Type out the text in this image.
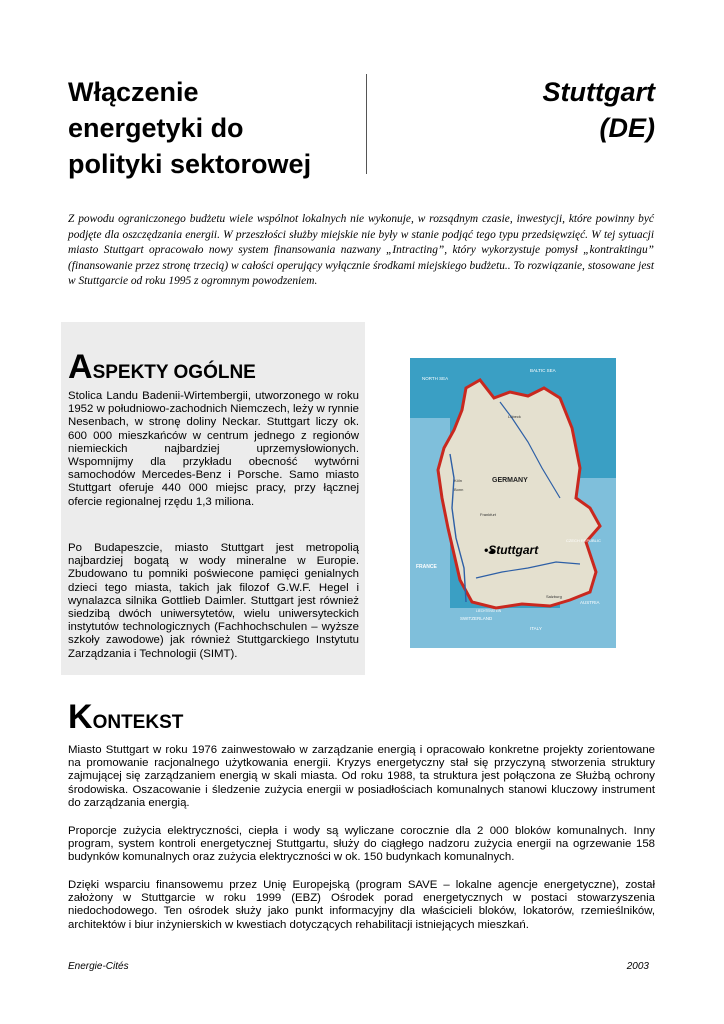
Włączenie
energetyki do
polityki sektorowej
Stuttgart
(DE)
Z powodu ograniczonego budżetu wiele wspólnot lokalnych nie wykonuje, w rozsądnym czasie, inwestycji, które powinny być podjęte dla oszczędzania energii. W przeszłości służby miejskie nie były w stanie podjąć tego typu przedsięwzięć. W tej sytuacji miasto Stuttgart opracowało nowy system finansowania nazwany „Intracting”, który wykorzystuje pomysł „kontraktingu” (finansowanie przez stronę trzecią) w całości operujący wyłącznie środkami miejskiego budżetu.. To rozwiązanie, stosowane jest w Stuttgarcie od roku 1995 z ogromnym powodzeniem.
ASPEKTY OGÓLNE
Stolica Landu Badenii-Wirtembergii, utworzonego w roku 1952 w południowo-zachodnich Niemczech, leży w rynnie Nesenbach, w stronę doliny Neckar. Stuttgart liczy ok. 600 000 mieszkańców w centrum jednego z regionów niemieckich najbardziej uprzemysłowionych. Wspomnijmy dla przykładu obecność wytwórni samochodów Mercedes-Benz i Porsche. Samo miasto Stuttgart oferuje 440 000 miejsc pracy, przy łącznej ofercie regionalnej rzędu 1,3 miliona.
Po Budapeszcie, miasto Stuttgart jest metropolią najbardziej bogatą w wody mineralne w Europie. Zbudowano tu pomniki poświecone pamięci genialnych dzieci tego miasta, takich jak filozof G.W.F. Hegel i wynalazca silnika Gottlieb Daimler. Stuttgart jest również siedzibą dwóch uniwersytetów, wielu uniwersyteckich instytutów technologicznych (Fachhochschulen – wyższe szkoły zawodowe) jak również Stuttgarckiego Instytutu Zarządzania i Technologii (SIMT).
GERMANY
•Stuttgart
NORTH SEA
BALTIC SEA
FRANCE
CZECH REPUBLIC
AUSTRIA
SWITZERLAND
ITALY
LIECHTENSTEIN
Köln
Bonn
Frankfurt
Salzburg
Lübeck
KONTEKST
Miasto Stuttgart w roku 1976 zainwestowało w zarządzanie energią i opracowało konkretne projekty zorientowane na promowanie racjonalnego użytkowania energii. Kryzys energetyczny stał się przyczyną stworzenia struktury zajmującej się zarządzaniem energią w skali miasta. Od roku 1988, ta struktura jest połączona ze Służbą ochrony środowiska. Oszacowanie i śledzenie zużycia energii w posiadłościach komunalnych stanowi kluczowy instrument do zarządzania energią.
Proporcje zużycia elektryczności, ciepła i wody są wyliczane corocznie dla 2 000 bloków komunalnych. Inny program, system kontroli energetycznej Stuttgartu, służy do ciągłego nadzoru zużycia energii na ogrzewanie 158 budynków komunalnych oraz zużycia elektryczności w ok. 150 budynkach komunalnych.
Dzięki wsparciu finansowemu przez Unię Europejską (program SAVE – lokalne agencje energetyczne), został założony w Stuttgarcie w roku 1999 (EBZ) Ośrodek porad energetycznych w postaci stowarzyszenia niedochodowego. Ten ośrodek służy jako punkt informacyjny dla właścicieli bloków, lokatorów, rzemieślników, architektów i biur inżynierskich w kwestiach dotyczących rehabilitacji istniejących mieszkań.
Energie-Cités	2003
